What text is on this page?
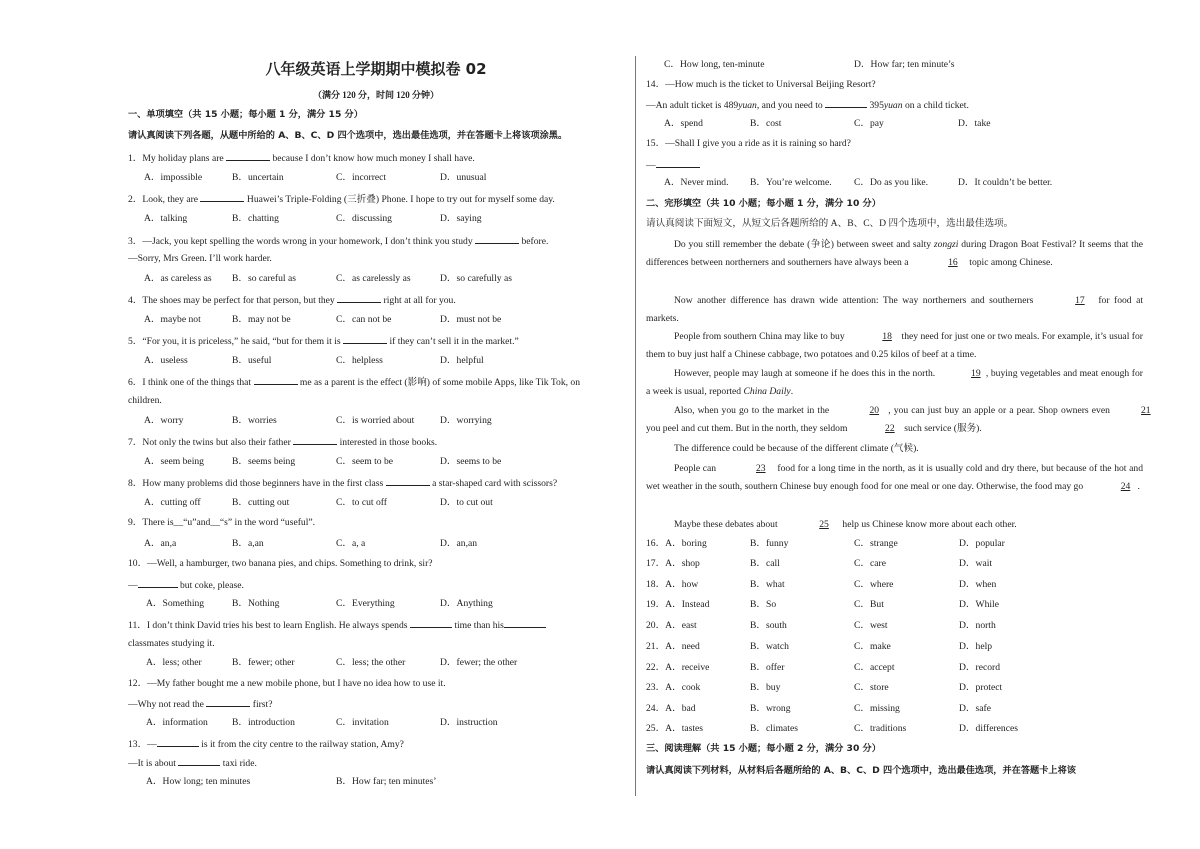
八年级英语上学期期中模拟卷 02
（满分 120 分，时间 120 分钟）
一、单项填空（共 15 小题；每小题 1 分，满分 15 分）
请认真阅读下列各题，从题中所给的 A、B、C、D 四个选项中，选出最佳选项，并在答题卡上将该项涂黑。
1．My holiday plans are	because I don’t know how much money I shall have.
A．impossible	B．uncertain	C．incorrect	D．unusual
2．Look, they are	Huawei’s Triple-Folding (三折叠) Phone. I hope to try out for myself some day.
A．talking	B．chatting	C．discussing	D．saying
3．—Jack, you kept spelling the words wrong in your homework, I don’t think you study	before.
—Sorry, Mrs Green. I’ll work harder.
A．as careless as B．so careful as	C．as carelessly as	D．so carefully as
4．The shoes may be perfect for that person, but they	right at all for you.
A．maybe not	B．may not be	C．can not be	D．must not be
5．“For you, it is priceless,” he said, “but for them it is	if they can’t sell it in the market.”
A．useless	B．useful	C．helpless	D．helpful
6．I think one of the things that	me as a parent is the effect (影响) of some mobile Apps, like Tik Tok, on
children.
A．worry	B．worries	C．is worried about	D．worrying
7．Not only the twins but also their father	interested in those books.
A．seem being	B．seems being	C．seem to be	D．seems to be
8．How many problems did those beginners have in the first class	a star-shaped card with scissors?
A．cutting off	B．cutting out	C．to cut off	D．to cut out
9．There is__“u”and__“s” in the word “useful”.
A．an,a	B．a,an	C．a, a	D．an,an
10．—Well, a hamburger, two banana pies, and chips. Something to drink, sir?
—	but coke, please.
A．Something	B．Nothing	C．Everything	D．Anything
11．I don’t think David tries his best to learn English. He always spends	time than his
classmates studying it.
A．less; other	B．fewer; other	C．less; the other	D．fewer; the other
12．—My father bought me a new mobile phone, but I have no idea how to use it.
—Why not read the	first?
A．information	B．introduction	C．invitation	D．instruction
13．—	is it from the city centre to the railway station, Amy?
—It is about	taxi ride.
A．How long; ten minutes	B．How far; ten minutes’
C．How long, ten-minute	D．How far; ten minute’s
14．—How much is the ticket to Universal Beijing Resort?
—An adult ticket is 489yuan, and you need to	395yuan on a child ticket.
A．spend	B．cost	C．pay	D．take
15．—Shall I give you a ride as it is raining so hard?
—
A．Never mind. B．You’re welcome. C．Do as you like.	D．It couldn’t be better.
二、完形填空（共 10 小题；每小题 1 分，满分 10 分）
请认真阅读下面短文，从短文后各题所给的 A、B、C、D 四个选项中，选出最佳选项。
Do you still remember the debate (争论) between sweet and salty zongzi during Dragon Boat Festival? It seems that the differences between northerners and southerners have always been a	16 topic among Chinese.
Now another difference has drawn wide attention: The way northerners and southerners	17 for food at markets.
People from southern China may like to buy	18 they need for just one or two meals. For example, it’s usual for them to buy just half a Chinese cabbage, two potatoes and 0.25 kilos of beef at a time.
However, people may laugh at someone if he does this in the north.	19 , buying vegetables and meat enough for a week is usual, reported China Daily.
Also, when you go to the market in the	20 , you can just buy an apple or a pear. Shop owners even	21 you peel and cut them. But in the north, they seldom	22 such service (服务).
The difference could be because of the different climate (气候).
People can	23 food for a long time in the north, as it is usually cold and dry there, but because of the hot and wet weather in the south, southern Chinese buy enough food for one meal or one day. Otherwise, the food may go	24 .
Maybe these debates about	25 help us Chinese know more about each other.
16．A．boring	B．funny	C．strange	D．popular
17．A．shop	B．call	C．care	D．wait
18．A．how	B．what	C．where	D．when
19．A．Instead	B．So	C．But	D．While
20．A．east	B．south	C．west	D．north
21．A．need	B．watch	C．make	D．help
22．A．receive	B．offer	C．accept	D．record
23．A．cook	B．buy	C．store	D．protect
24．A．bad	B．wrong	C．missing	D．safe
25．A．tastes	B．climates	C．traditions	D．differences
三、阅读理解（共 15 小题；每小题 2 分，满分 30 分）
请认真阅读下列材料，从材料后各题所给的 A、B、C、D 四个选项中，选出最佳选项，并在答题卡上将该
